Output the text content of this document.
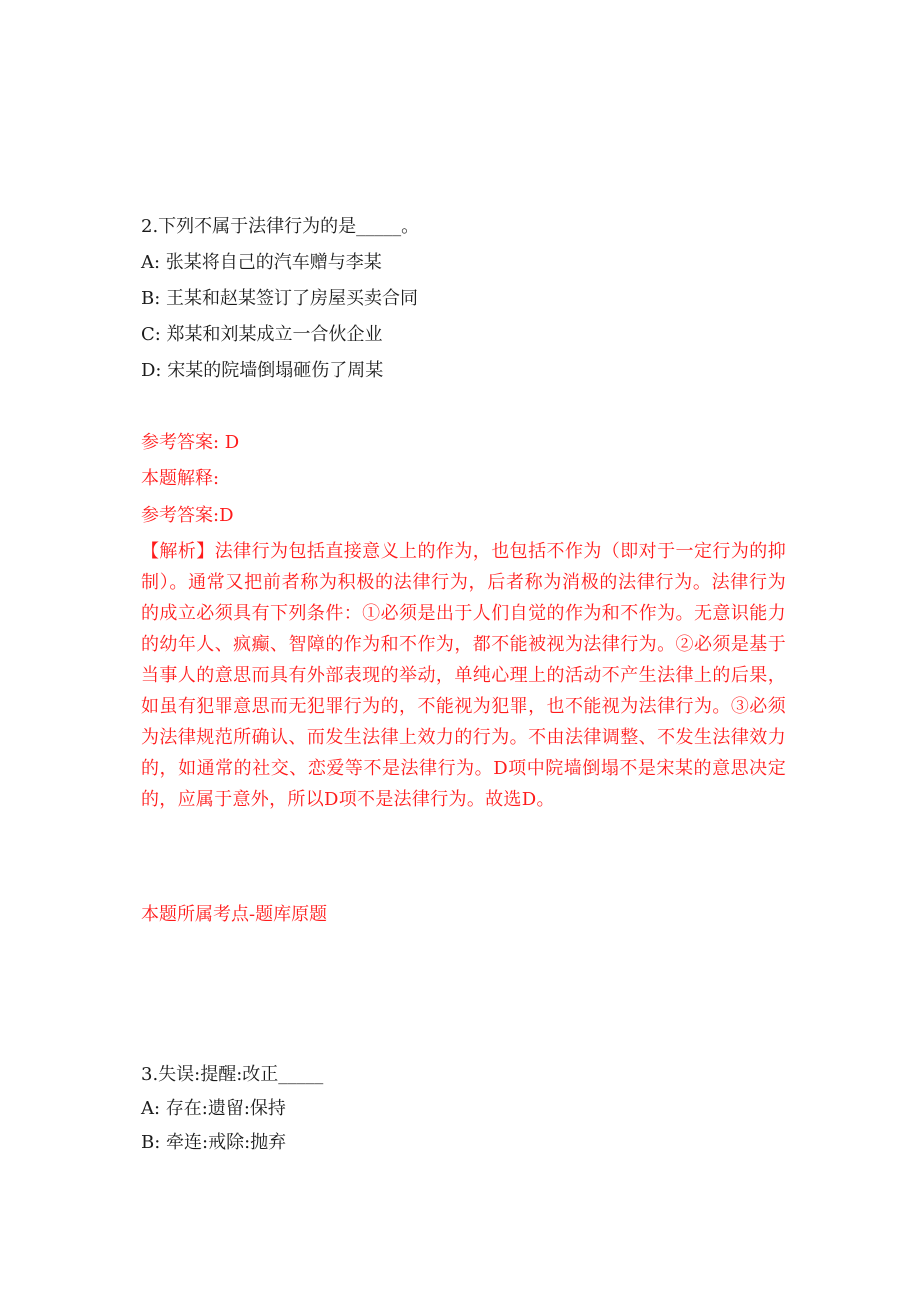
2.下列不属于法律行为的是_____。
A: 张某将自己的汽车赠与李某
B: 王某和赵某签订了房屋买卖合同
C: 郑某和刘某成立一合伙企业
D: 宋某的院墙倒塌砸伤了周某
参考答案: D
本题解释:
参考答案:D
【解析】法律行为包括直接意义上的作为，也包括不作为（即对于一定行为的抑制）。通常又把前者称为积极的法律行为，后者称为消极的法律行为。法律行为的成立必须具有下列条件：①必须是出于人们自觉的作为和不作为。无意识能力的幼年人、疯癫、智障的作为和不作为，都不能被视为法律行为。②必须是基于当事人的意思而具有外部表现的举动，单纯心理上的活动不产生法律上的后果，如虽有犯罪意思而无犯罪行为的，不能视为犯罪，也不能视为法律行为。③必须为法律规范所确认、而发生法律上效力的行为。不由法律调整、不发生法律效力的，如通常的社交、恋爱等不是法律行为。D项中院墙倒塌不是宋某的意思决定的，应属于意外，所以D项不是法律行为。故选D。
本题所属考点-题库原题
3.失误:提醒:改正_____
A: 存在:遗留:保持
B: 牵连:戒除:抛弃
